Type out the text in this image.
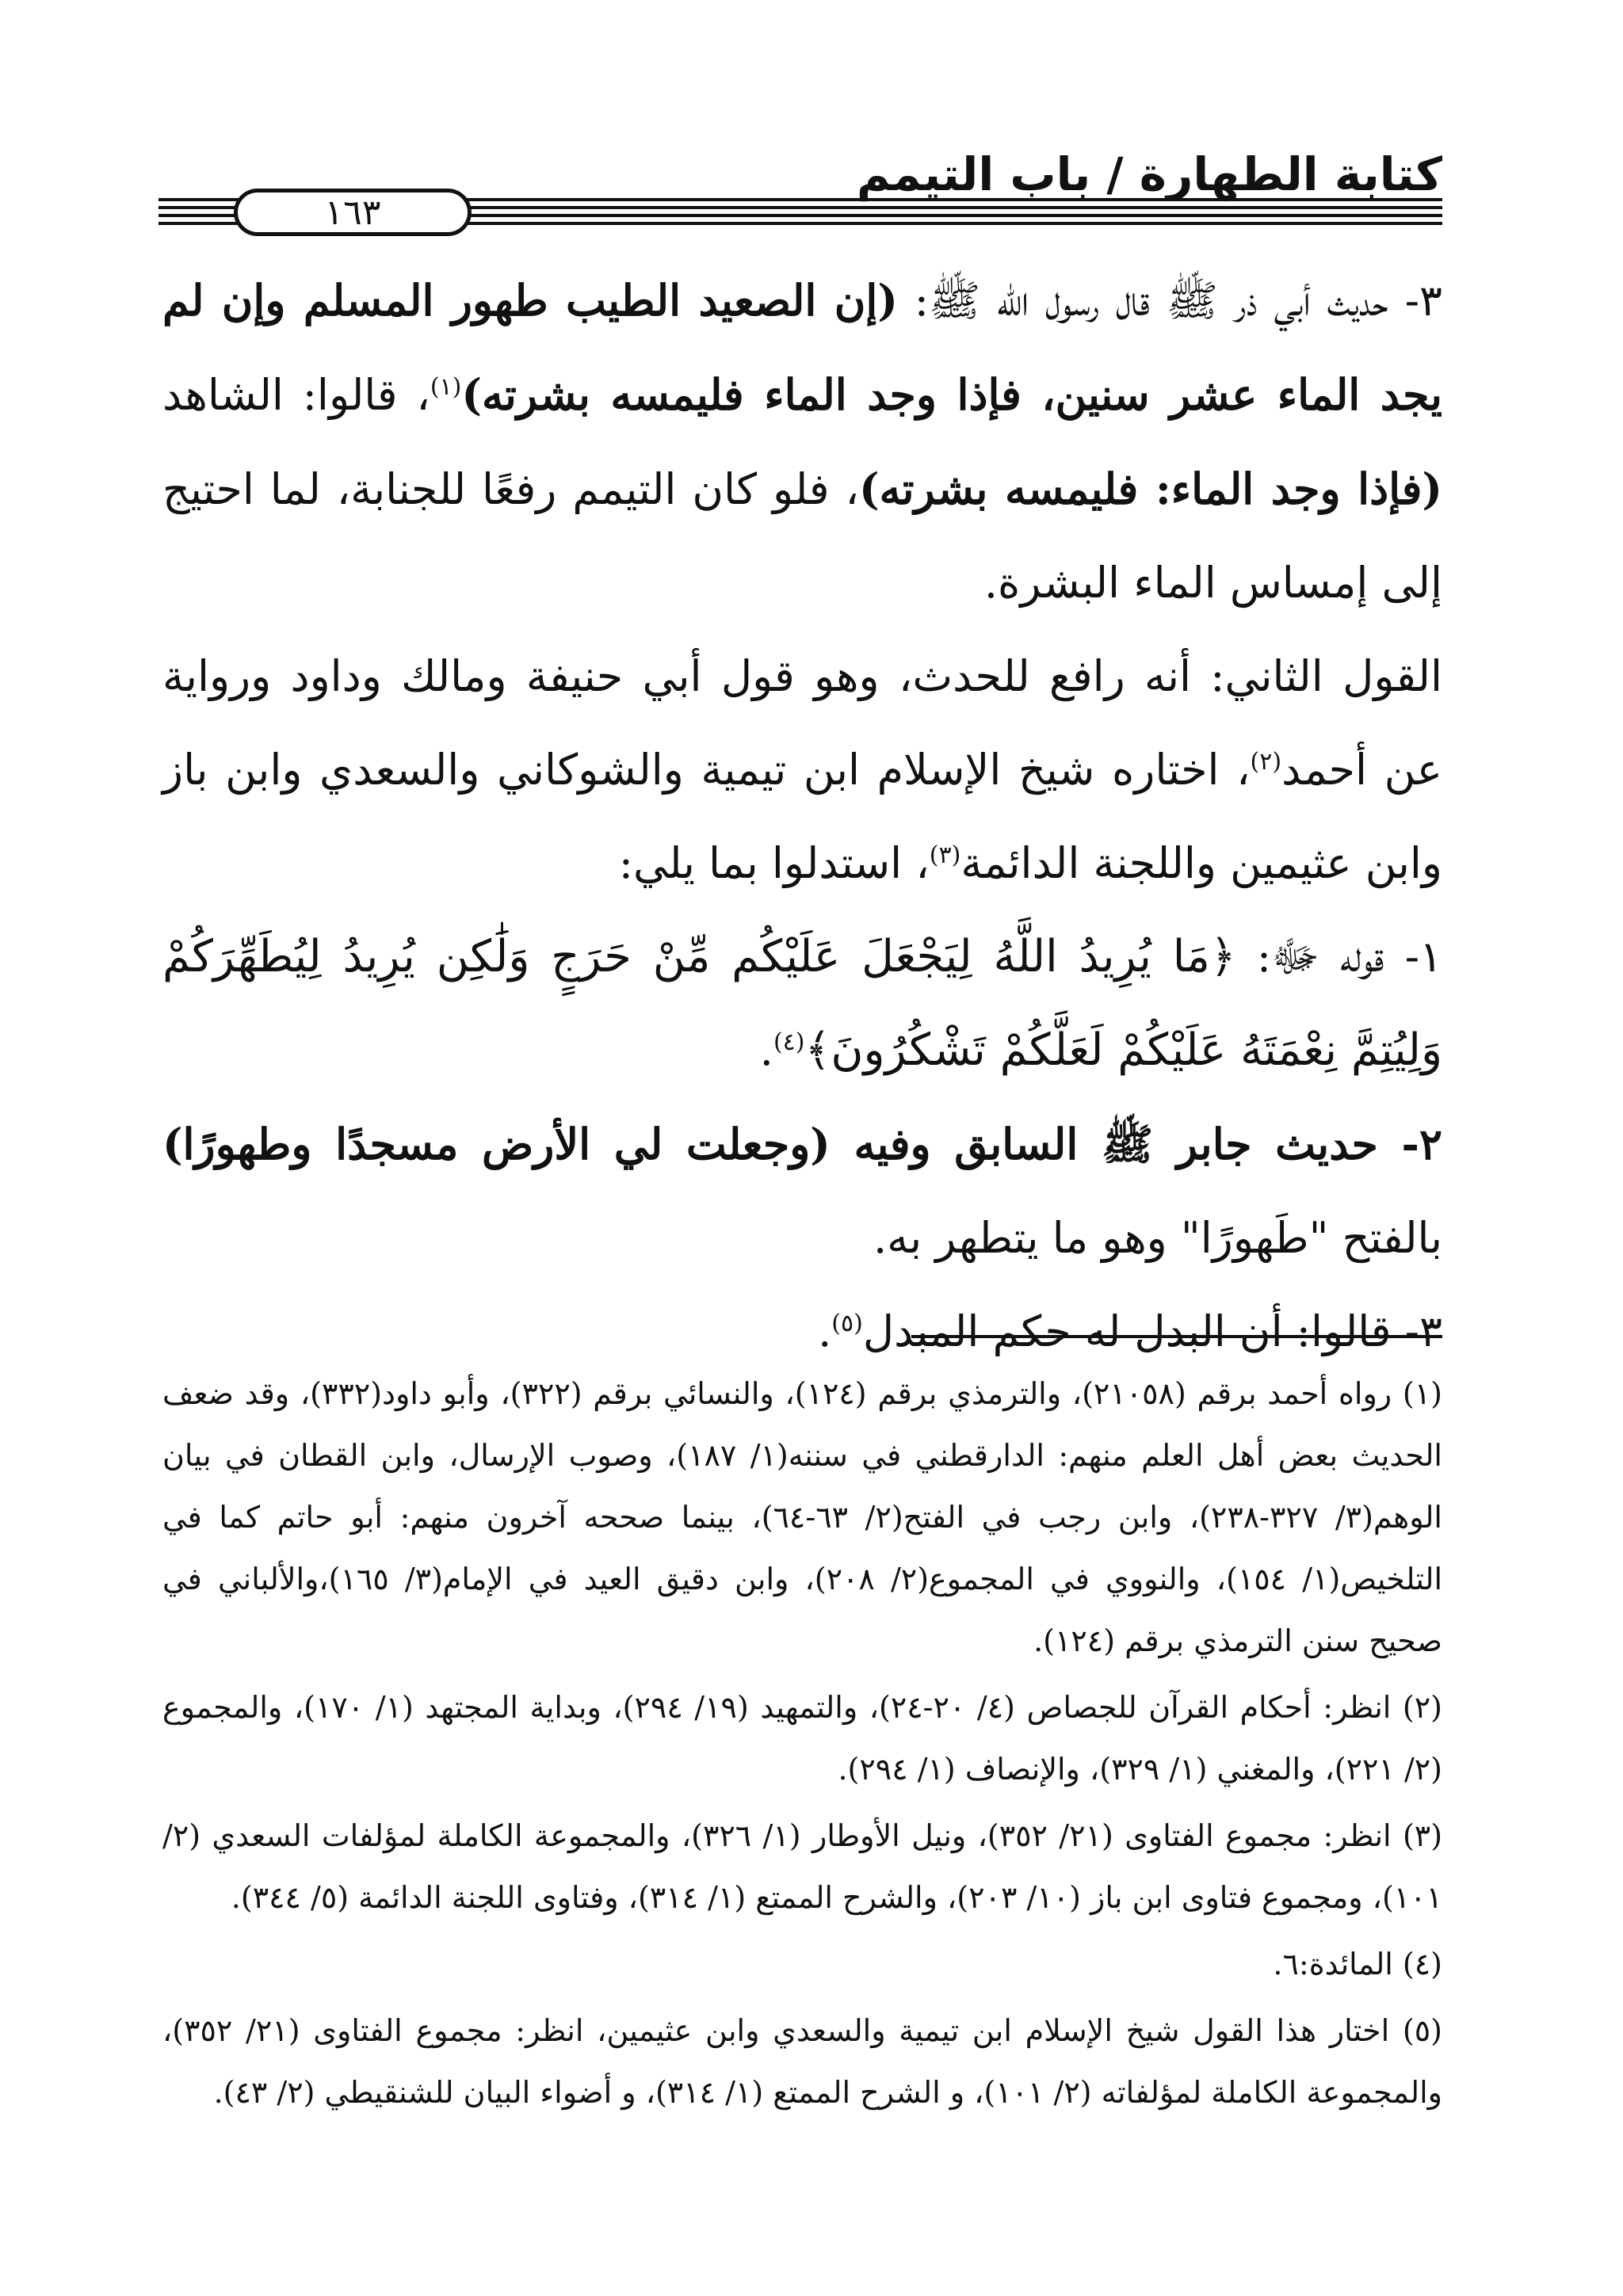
كتابة الطهارة / باب التيمم
١٦٣

٣- حديث أبي ذر ﷺ قال رسول الله ﷺ: (إن الصعيد الطيب طهور المسلم وإن لم يجد الماء عشر سنين، فإذا وجد الماء فليمسه بشرته)$^{(١)}$، قالوا: الشاهد (فإذا وجد الماء: فليمسه بشرته)، فلو كان التيمم رفعًا للجنابة، لما احتيج إلى إمساس الماء البشرة.

القول الثاني: أنه رافع للحدث، وهو قول أبي حنيفة ومالك وداود ورواية عن أحمد$^{(٢)}$، اختاره شيخ الإسلام ابن تيمية والشوكاني والسعدي وابن باز وابن عثيمين واللجنة الدائمة$^{(٣)}$، استدلوا بما يلي:

١- قوله ﷻ: ﴿مَا يُرِيدُ اللَّهُ لِيَجْعَلَ عَلَيْكُم مِّنْ حَرَجٍ وَلَٰكِن يُرِيدُ لِيُطَهِّرَكُمْ وَلِيُتِمَّ نِعْمَتَهُ عَلَيْكُمْ لَعَلَّكُمْ تَشْكُرُونَ﴾$^{(٤)}$.

٢- حديث جابر ﷺ السابق وفيه (وجعلت لي الأرض مسجدًا وطهورًا) بالفتح "طَهورًا" وهو ما يتطهر به.

٣- قالوا: أن البدل له حكم المبدل$^{(٥)}$.

(١) رواه أحمد برقم (٢١٠٥٨)، والترمذي برقم (١٢٤)، والنسائي برقم (٣٢٢)، وأبو داود(٣٣٢)، وقد ضعف الحديث بعض أهل العلم منهم: الدارقطني في سننه(١/ ١٨٧)، وصوب الإرسال، وابن القطان في بيان الوهم(٣/ ٣٢٧-٢٣٨)، وابن رجب في الفتح(٢/ ٦٣-٦٤)، بينما صححه آخرون منهم: أبو حاتم كما في التلخيص(١/ ١٥٤)، والنووي في المجموع(٢/ ٢٠٨)، وابن دقيق العيد في الإمام(٣/ ١٦٥)،والألباني في صحيح سنن الترمذي برقم (١٢٤).

(٢) انظر: أحكام القرآن للجصاص (٤/ ٢٠-٢٤)، والتمهيد (١٩/ ٢٩٤)، وبداية المجتهد (١/ ١٧٠)، والمجموع (٢/ ٢٢١)، والمغني (١/ ٣٢٩)، والإنصاف (١/ ٢٩٤).

(٣) انظر: مجموع الفتاوى (٢١/ ٣٥٢)، ونيل الأوطار (١/ ٣٢٦)، والمجموعة الكاملة لمؤلفات السعدي (٢/ ١٠١)، ومجموع فتاوى ابن باز (١٠/ ٢٠٣)، والشرح الممتع (١/ ٣١٤)، وفتاوى اللجنة الدائمة (٥/ ٣٤٤).

(٤) المائدة:٦.

(٥) اختار هذا القول شيخ الإسلام ابن تيمية والسعدي وابن عثيمين، انظر: مجموع الفتاوى (٢١/ ٣٥٢)، والمجموعة الكاملة لمؤلفاته (٢/ ١٠١)، و الشرح الممتع (١/ ٣١٤)، و أضواء البيان للشنقيطي (٢/ ٤٣).
